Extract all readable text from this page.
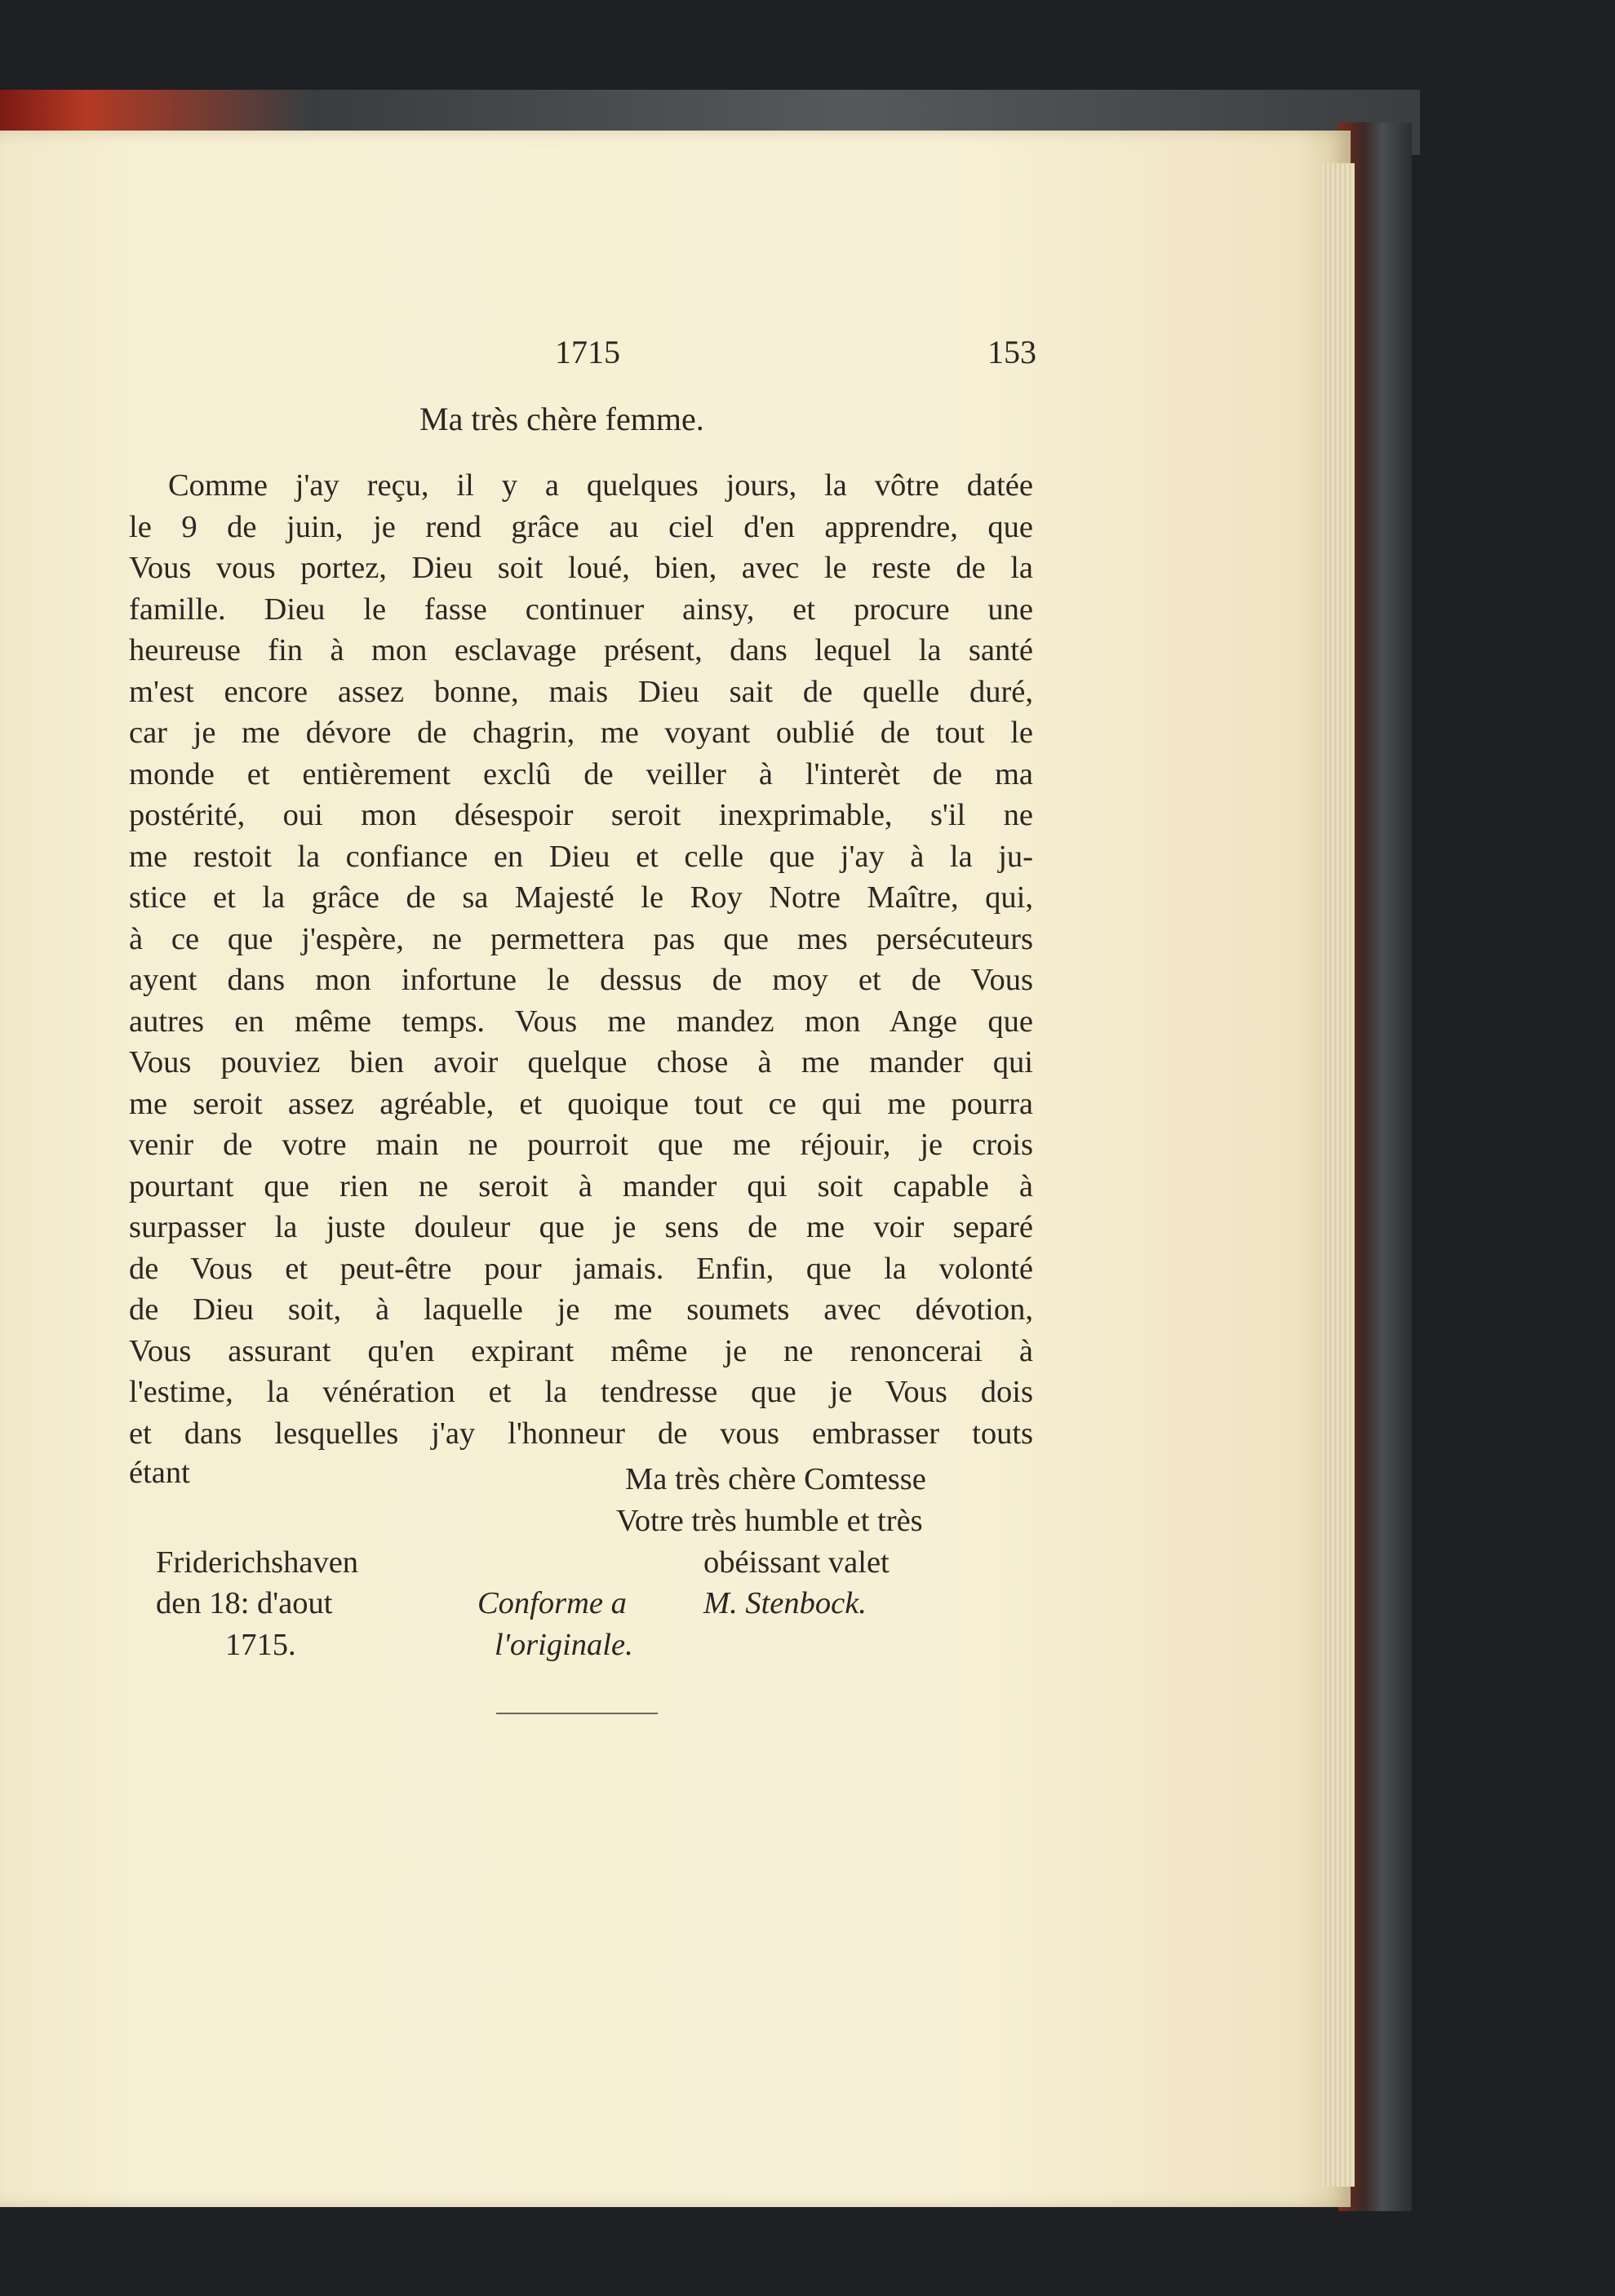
1715	153
Ma très chère femme.
Comme j'ay reçu, il y a quelques jours, la vôtre datée
le 9 de juin, je rend grâce au ciel d'en apprendre, que
Vous vous portez, Dieu soit loué, bien, avec le reste de la
famille. Dieu le fasse continuer ainsy, et procure une
heureuse fin à mon esclavage présent, dans lequel la santé
m'est encore assez bonne, mais Dieu sait de quelle duré,
car je me dévore de chagrin, me voyant oublié de tout le
monde et entièrement exclû de veiller à l'interèt de ma
postérité, oui mon désespoir seroit inexprimable, s'il ne
me restoit la confiance en Dieu et celle que j'ay à la ju-
stice et la grâce de sa Majesté le Roy Notre Maître, qui,
à ce que j'espère, ne permettera pas que mes persécuteurs
ayent dans mon infortune le dessus de moy et de Vous
autres en même temps. Vous me mandez mon Ange que
Vous pouviez bien avoir quelque chose à me mander qui
me seroit assez agréable, et quoique tout ce qui me pourra
venir de votre main ne pourroit que me réjouir, je crois
pourtant que rien ne seroit à mander qui soit capable à
surpasser la juste douleur que je sens de me voir separé
de Vous et peut-être pour jamais. Enfin, que la volonté
de Dieu soit, à laquelle je me soumets avec dévotion,
Vous assurant qu'en expirant même je ne renoncerai à
l'estime, la vénération et la tendresse que je Vous dois
et dans lesquelles j'ay l'honneur de vous embrasser touts
étant	Ma très chère Comtesse
Votre très humble et très
obéissant valet
M. Stenbock.
Friderichshaven
den 18: d'aout
1715.
Conforme a
l'originale.
